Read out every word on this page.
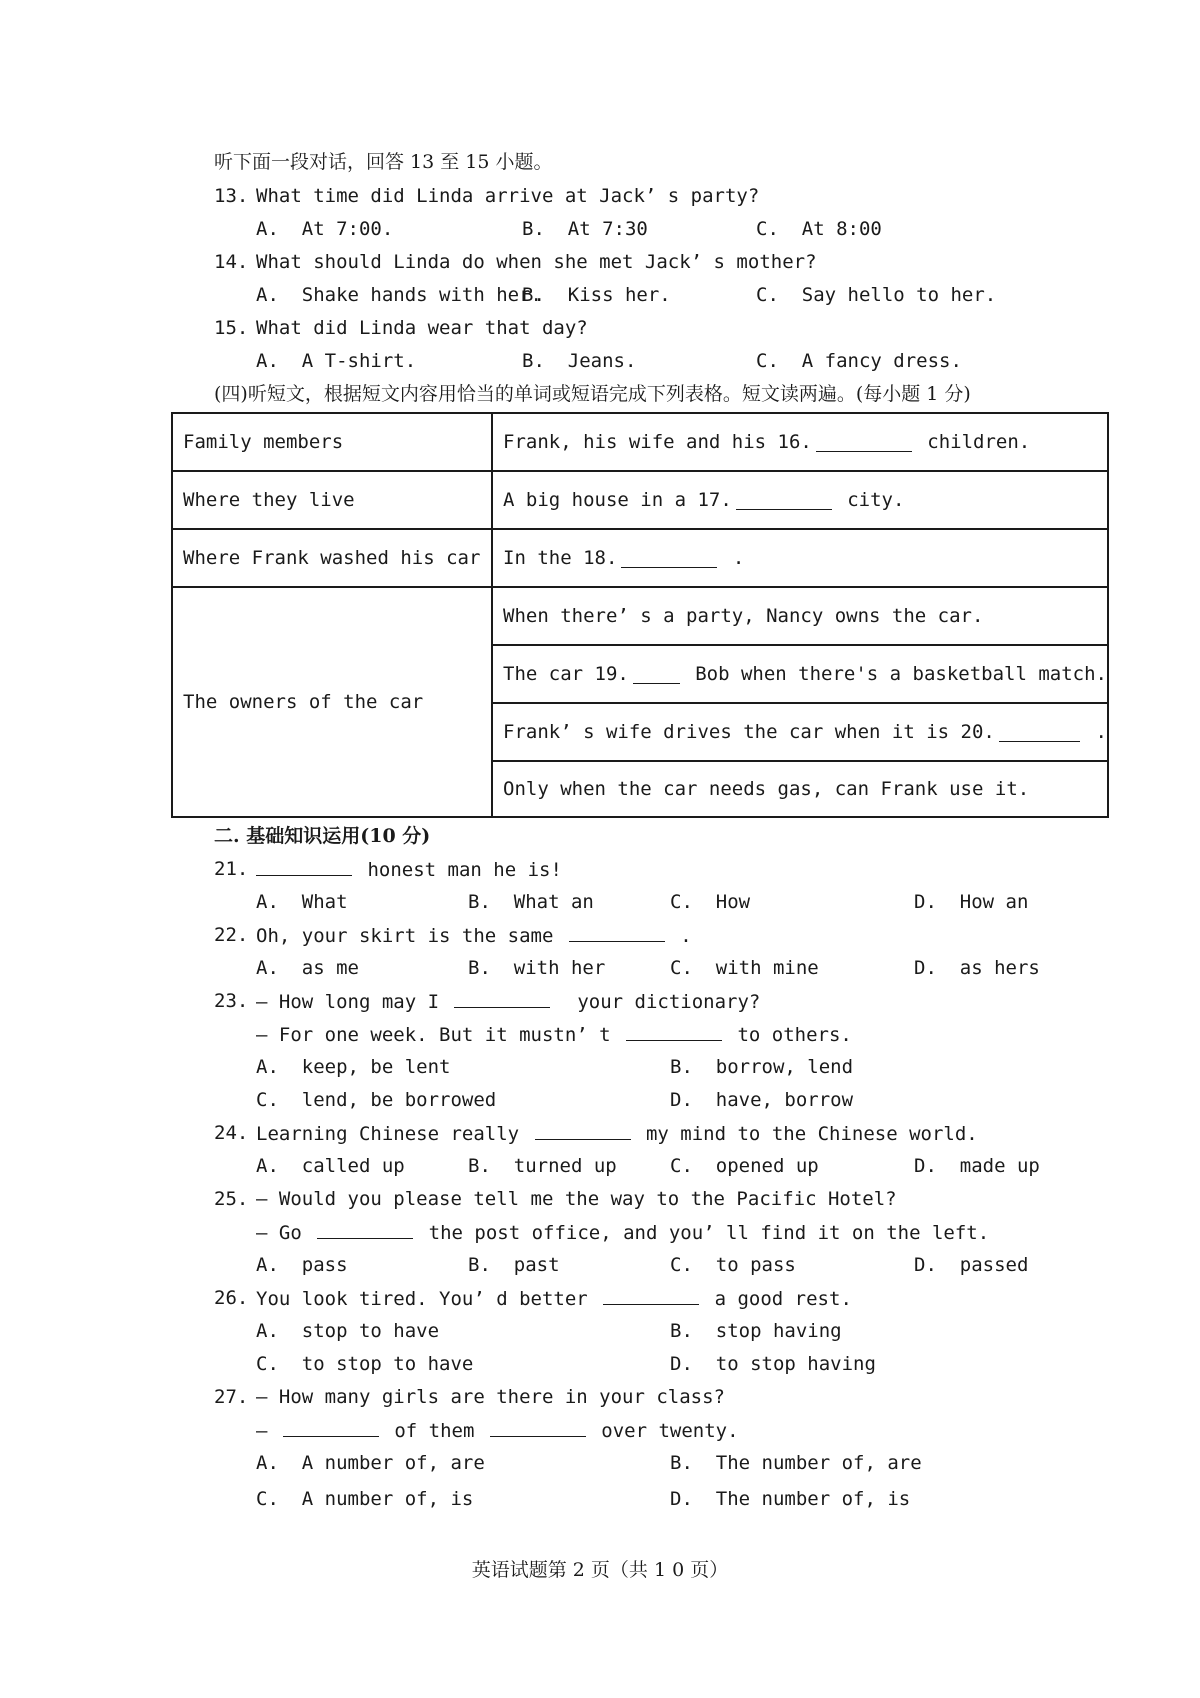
听下面一段对话，回答 13 至 15 小题。
13. What time did Linda arrive at Jack’ s party?
A.  At 7:00.	B.  At 7:30	C.  At 8:00
14. What should Linda do when she met Jack’ s mother?
A.  Shake hands with her.
B.  Kiss her.	C.  Say hello to her.
15. What did Linda wear that day?
A.  A T-shirt.	B.  Jeans.	C.  A fancy dress.
(四)听短文，根据短文内容用恰当的单词或短语完成下列表格。短文读两遍。(每小题 1 分)
Family members	Frank, his wife and his 16.	children.
Where they live	A big house in a 17.	city.
Where Frank washed his car	In the 18.	.
The owners of the car
When there’ s a party, Nancy owns the car.
The car 19.	Bob when there's a basketball match.
Frank’ s wife drives the car when it is 20.	.
Only when the car needs gas, can Frank use it.
二. 基础知识运用(10 分)
21.	honest man he is!
A.  What	B.  What an	C.  How	D.  How an
22. Oh, your skirt is the same	.
A.  as me	B.  with her	C.  with mine	D.  as hers
23. — How long may I	your dictionary?
— For one week. But it mustn’ t	to others.
A.  keep, be lent	B.  borrow, lend
C.  lend, be borrowed	D.  have, borrow
24. Learning Chinese really	my mind to the Chinese world.
A.  called up	B.  turned up	C.  opened up	D.  made up
25. — Would you please tell me the way to the Pacific Hotel?
— Go	the post office, and you’ ll find it on the left.
A.  pass	B.  past	C.  to pass	D.  passed
26. You look tired. You’ d better	a good rest.
A.  stop to have	B.  stop having
C.  to stop to have	D.  to stop having
27. — How many girls are there in your class?
—	of them	over twenty.
A.  A number of, are	B.  The number of, are
C.  A number of, is	D.  The number of, is
英语试题第 2 页（共 1 0 页）
